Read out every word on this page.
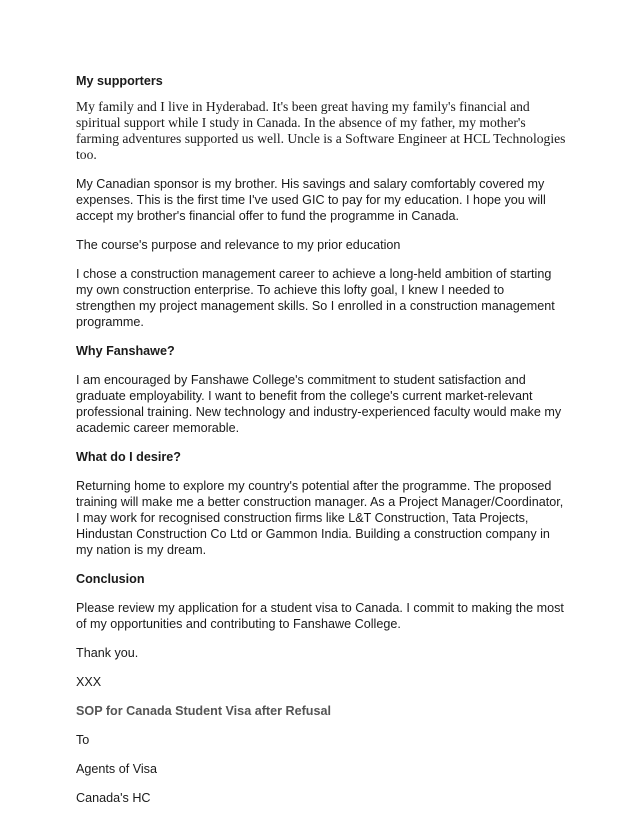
My supporters

My family and I live in Hyderabad. It's been great having my family's financial and spiritual support while I study in Canada. In the absence of my father, my mother's farming adventures supported us well. Uncle is a Software Engineer at HCL Technologies too.

My Canadian sponsor is my brother. His savings and salary comfortably covered my expenses. This is the first time I've used GIC to pay for my education. I hope you will accept my brother's financial offer to fund the programme in Canada.

The course's purpose and relevance to my prior education

I chose a construction management career to achieve a long-held ambition of starting my own construction enterprise. To achieve this lofty goal, I knew I needed to strengthen my project management skills. So I enrolled in a construction management programme.

Why Fanshawe?

I am encouraged by Fanshawe College's commitment to student satisfaction and graduate employability. I want to benefit from the college's current market-relevant professional training. New technology and industry-experienced faculty would make my academic career memorable.

What do I desire?

Returning home to explore my country's potential after the programme. The proposed training will make me a better construction manager. As a Project Manager/Coordinator, I may work for recognised construction firms like L&T Construction, Tata Projects, Hindustan Construction Co Ltd or Gammon India. Building a construction company in my nation is my dream.

Conclusion

Please review my application for a student visa to Canada. I commit to making the most of my opportunities and contributing to Fanshawe College.

Thank you.

XXX

SOP for Canada Student Visa after Refusal

To

Agents of Visa

Canada's HC
